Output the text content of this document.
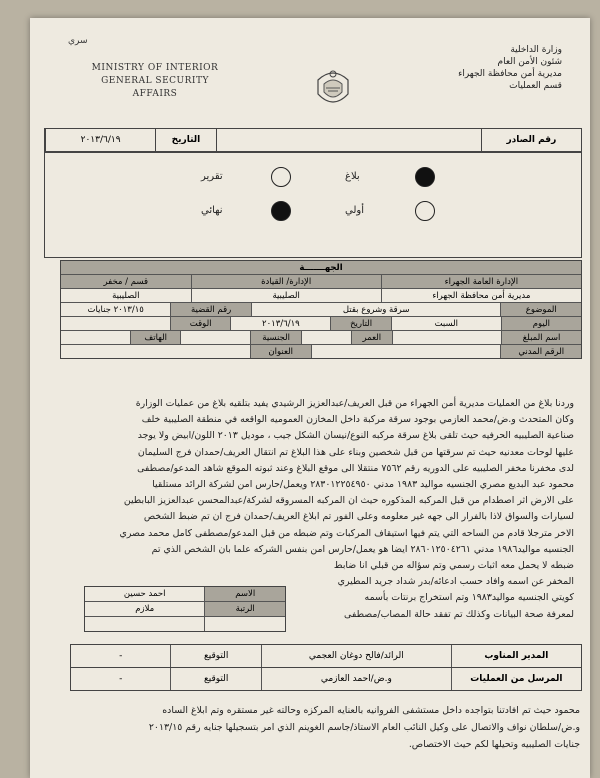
سري
MINISTRY OF INTERIOR
GENERAL SECURITY
AFFAIRS
وزارة الداخلية
شئون الأمن العام
مديرية أمن محافظة الجهراء
قسم العمليات
٢٠١٣/٦/١٩	التاريخ	رقم الصادر
بلاغ
تقرير
أولي
نهائي
الجهـــــــة
قسم / مخفر	الإدارة/ القيادة	الإدارة العامة الجهراء
الصليبية	الصليبية	مديرية أمن محافظة الجهراء
٢٠١٣/١٥ جنايات	رقم القضية	سرقة وشروع بقتل	الموضوع
الوقت	٢٠١٣/٦/١٩	التاريخ	السبت	اليوم
الهاتف	الجنسية	العمر	اسم المبلغ
العنوان	الرقم المدني
وردنا بلاغ من العمليات مديرية أمن الجهراء من قبل العريف/عبدالعزيز الرشيدي يفيد بتلقيه بلاغ من عمليات الوزارة
وكان المتحدث و.ض/محمد العازمي بوجود سرقة مركبة داخل المخازن العموميه الواقعه في منطقة الصليبية خلف
صناعية الصليبيه الحرفيه حيث تلقى بلاغ سرقة مركبه النوع/نيسان الشكل جيب ، موديل ٢٠١٣ اللون/ابيض ولا يوجد
عليها لوحات معدنيه حيث تم سرقتها من قبل شخصين وبناء على هذا البلاغ تم انتقال العريف/حمدان فرج السليمان
لدى مخفرنا مخفر الصليبيه على الدوريه رقم ٧٥٦٢ منتقلا الى موقع البلاغ وعند ثبوته الموقع شاهد المدعو/مصطفى
محمود عبد البديع مصري الجنسيه مواليد ١٩٨٣ مدني ٢٨٣٠١٢٢٥٤٩٥٠ ويعمل/حارس امن لشركة الرائد مستلقيا
على الارض اثر اصطدام من قبل المركبه المذكوره حيث ان المركبه المسروقه لشركة/عبدالمحسن عبدالعزيز البابطين
لسيارات والسواق لاذا بالفرار الى جهه غير معلومه وعلى الفور تم ابلاغ العريف/حمدان فرج ان تم ضبط الشخص
الاخر مترجلا قادم من الساحه التي يتم فيها استيقاف المركبات وتم ضبطه من قبل المدعو/مصطفى كامل محمد مصري
الجنسيه مواليد١٩٨٦ مدني ٢٨٦٠١٢٥٠٤٢٦١ ايضا هو يعمل/حارس امن بنفس الشركه علما بان الشخص الذي تم
ضبطه لا يحمل معه اثبات رسمي وتم سؤاله من قبلي انا ضابط
المخفر عن اسمه وافاد حسب ادعائه/بدر شداد جريد المطيري
كويتي الجنسيه مواليد١٩٨٣ وتم استخراج برنتات بأسمه
لمعرفة صحة البيانات وكذلك تم تفقد حالة المصاب/مصطفى
احمد حسين	الاسم
ملازم	الرتبة
-	التوقيع	الرائد/فالح دوغان العجمي	المدير المناوب
-	التوقيع	و.ض/احمد العازمي	المرسل من العمليات
محمود حيث تم افادتنا بتواجده داخل مستشفى الفروانيه بالعنايه المركزه وحالته غير مستقره وتم ابلاغ الساده
و.ض/سلطان نواف والاتصال على وكيل النائب العام الاستاذ/جاسم الغوينم الذي امر بتسجيلها جنايه رقم ٢٠١٣/١٥
جنايات الصليبيه وتحيلها لكم حيث الاختصاص.
